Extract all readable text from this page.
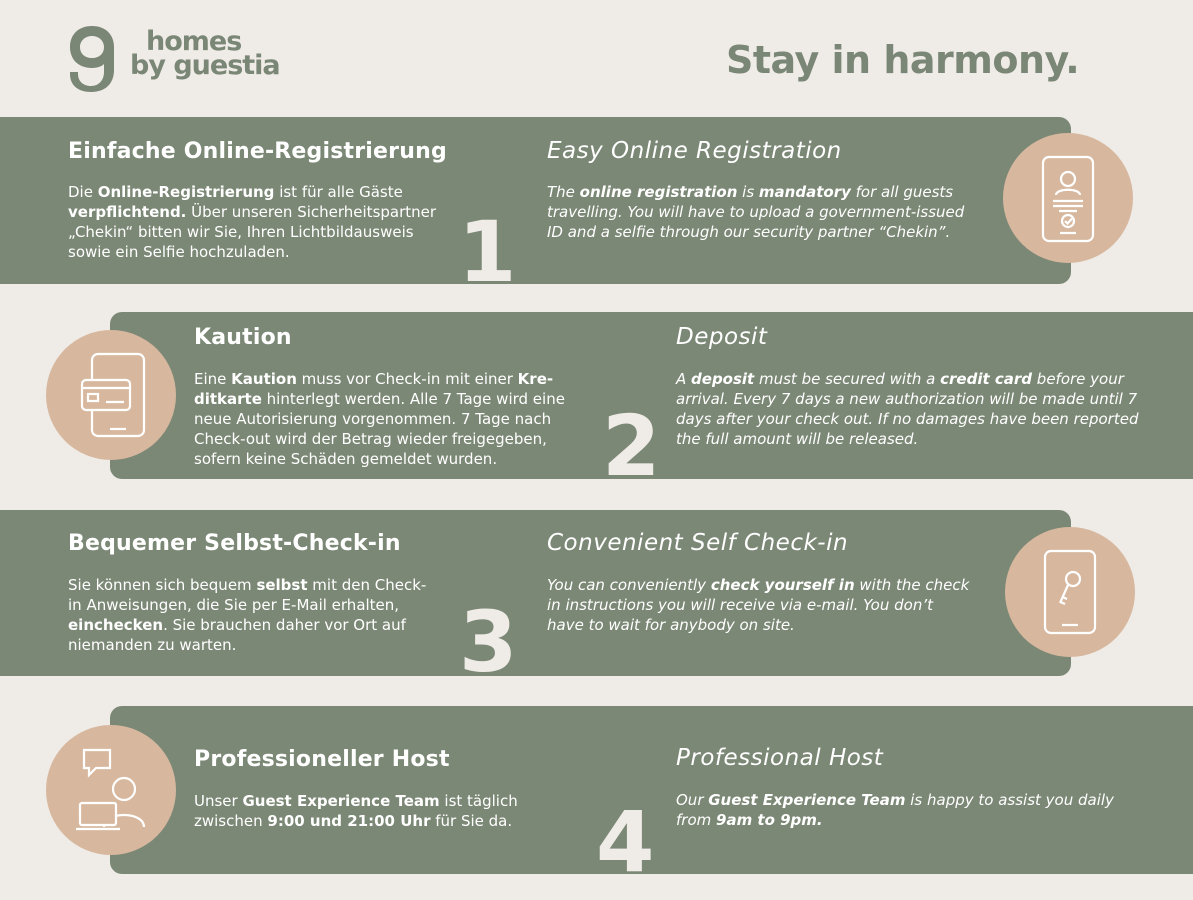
homes
by guestia	Stay in harmony.
Einfache Online-Registrierung
Die Online-Registrierung ist für alle Gäste verpflichtend. Über unseren Sicherheitspartner „Chekin“ bitten wir Sie, Ihren Lichtbildausweis sowie ein Selfie hochzuladen.	1
Easy Online Registration
The online registration is mandatory for all guests travelling. You will have to upload a government-issued ID and a selfie through our security partner “Chekin”.
Kaution
Eine Kaution muss vor Check-in mit einer Kreditkarte hinterlegt werden. Alle 7 Tage wird eine neue Autorisierung vorgenommen. 7 Tage nach Check-out wird der Betrag wieder freigegeben, sofern keine Schäden gemeldet wurden.	2
Deposit
A deposit must be secured with a credit card before your arrival. Every 7 days a new authorization will be made until 7 days after your check out. If no damages have been reported the full amount will be released.
Bequemer Selbst-Check-in
Sie können sich bequem selbst mit den Check-in Anweisungen, die Sie per E-Mail erhalten, einchecken. Sie brauchen daher vor Ort auf niemanden zu warten.	3
Convenient Self Check-in
You can conveniently check yourself in with the check in instructions you will receive via e-mail. You don’t have to wait for anybody on site.
Professioneller Host
Unser Guest Experience Team ist täglich zwischen 9:00 und 21:00 Uhr für Sie da. 4
Professional Host
Our Guest Experience Team is happy to assist you daily from 9am to 9pm.
